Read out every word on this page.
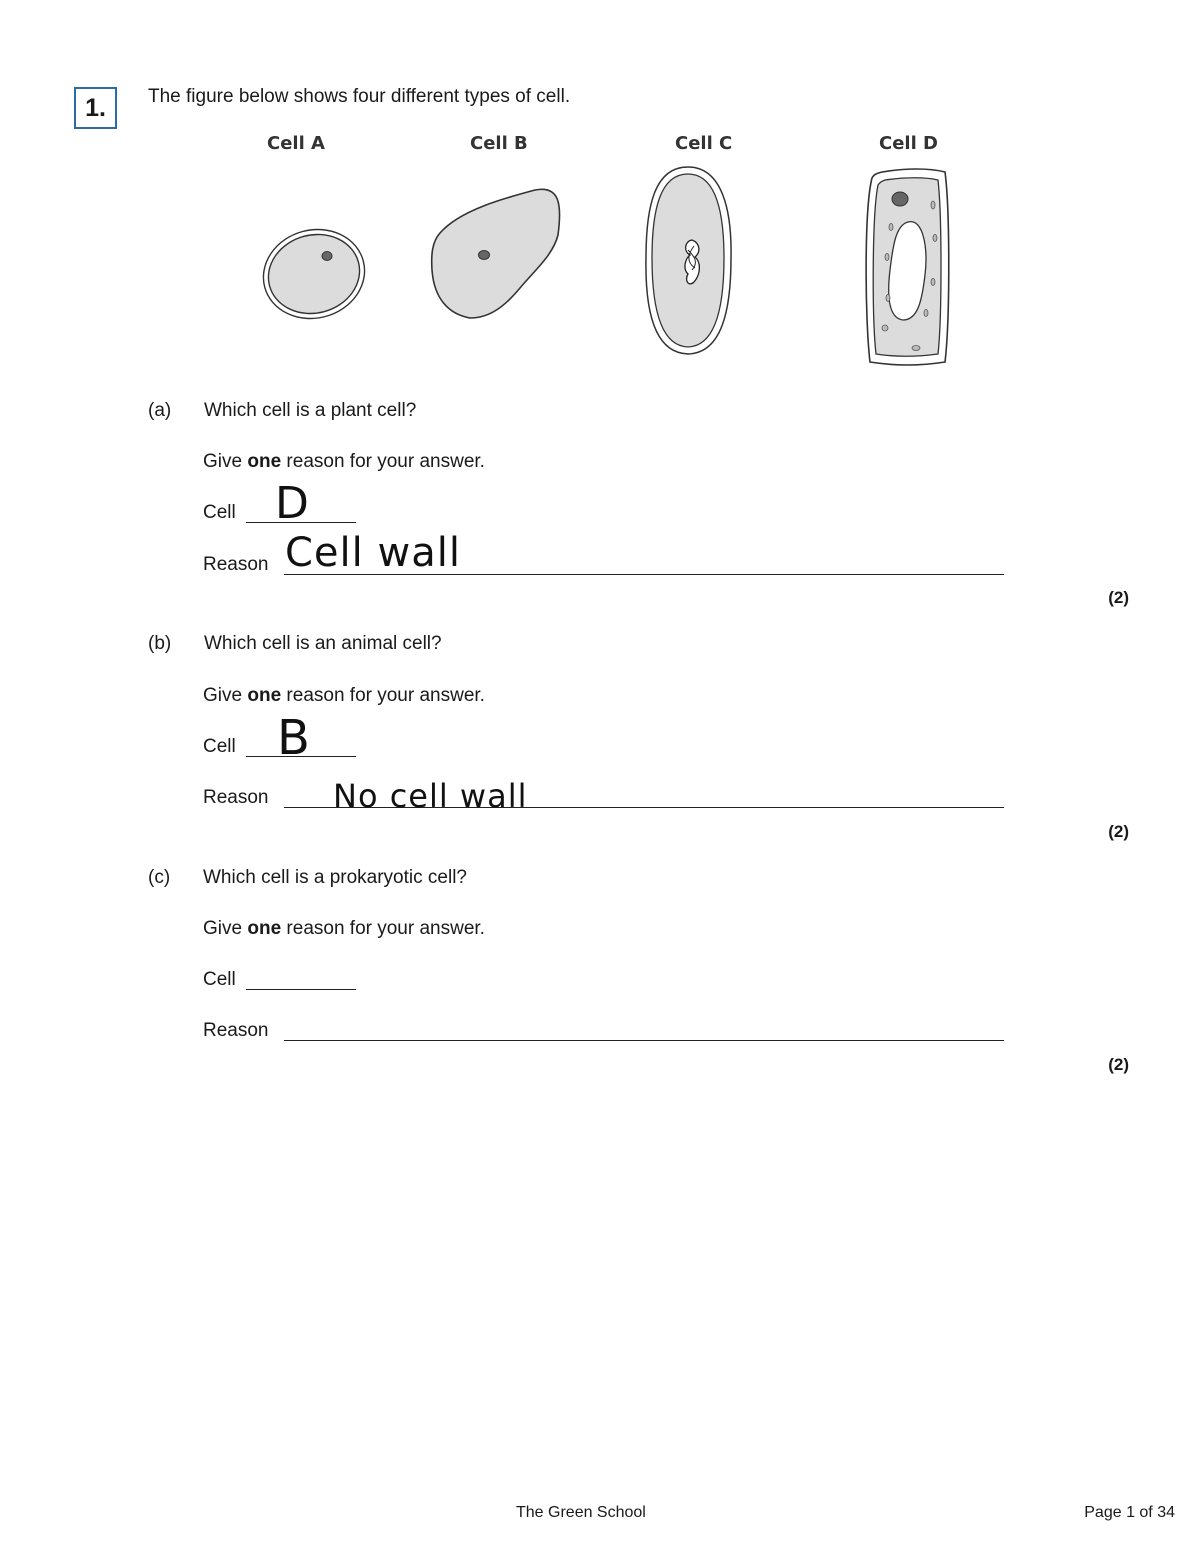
1.	The figure below shows four different types of cell.
Cell A	Cell B	Cell C	Cell D
(a) Which cell is a plant cell?
Give one reason for your answer.
Cell D
Reason Cell wall
(2)
(b) Which cell is an animal cell?
Give one reason for your answer.
Cell B
Reason No cell wall
(2)
(c) Which cell is a prokaryotic cell?
Give one reason for your answer.
Cell
Reason
(2)
The Green School	Page 1 of 34
